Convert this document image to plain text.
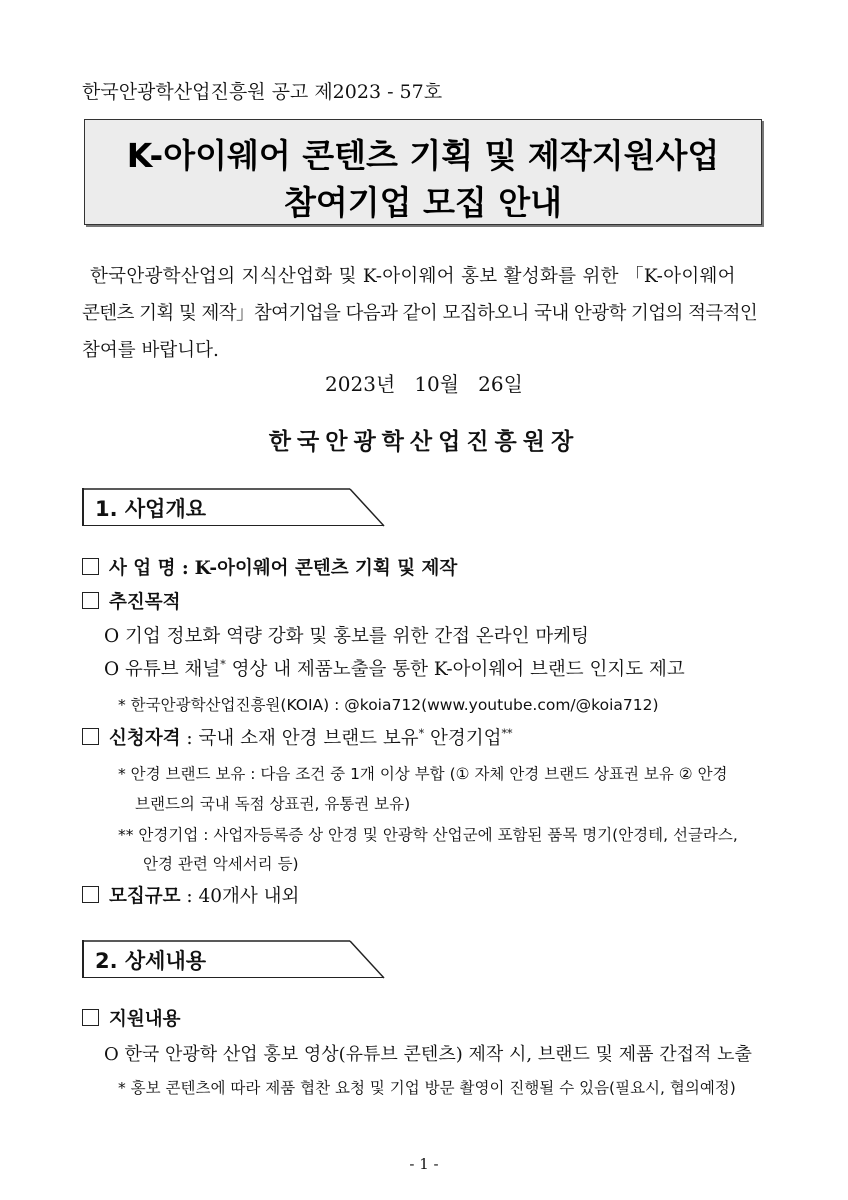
한국안광학산업진흥원 공고 제2023 - 57호
K-아이웨어 콘텐츠 기획 및 제작지원사업
참여기업 모집 안내
한국안광학산업의 지식산업화 및 K-아이웨어 홍보 활성화를 위한 「K-아이웨어
콘텐츠 기획 및 제작」참여기업을 다음과 같이 모집하오니 국내 안광학 기업의 적극적인
참여를 바랍니다.
2023년   10월   26일
한국안광학산업진흥원장
1. 사업개요
사 업 명 : K-아이웨어 콘텐츠 기획 및 제작
추진목적
O 기업 정보화 역량 강화 및 홍보를 위한 간접 온라인 마케팅
O 유튜브 채널* 영상 내 제품노출을 통한 K-아이웨어 브랜드 인지도 제고
* 한국안광학산업진흥원(KOIA) : @koia712(www.youtube.com/@koia712)
신청자격 : 국내 소재 안경 브랜드 보유* 안경기업**
* 안경 브랜드 보유 : 다음 조건 중 1개 이상 부합 (① 자체 안경 브랜드 상표권 보유 ② 안경
브랜드의 국내 독점 상표권, 유통권 보유)
** 안경기업 : 사업자등록증 상 안경 및 안광학 산업군에 포함된 품목 명기(안경테, 선글라스,
안경 관련 악세서리 등)
모집규모 : 40개사 내외
2. 상세내용
지원내용
O 한국 안광학 산업 홍보 영상(유튜브 콘텐츠) 제작 시, 브랜드 및 제품 간접적 노출
* 홍보 콘텐츠에 따라 제품 협찬 요청 및 기업 방문 촬영이 진행될 수 있음(필요시, 협의예정)
- 1 -
